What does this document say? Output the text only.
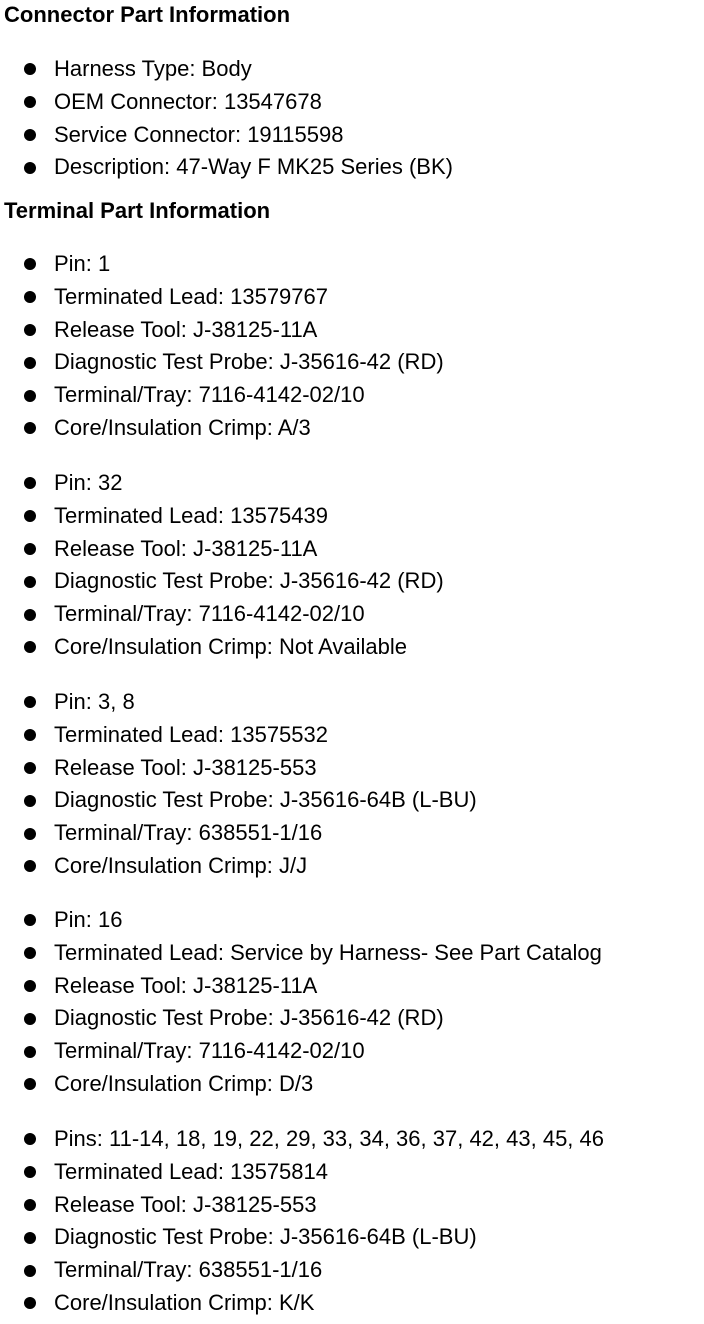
Connector Part Information
Harness Type: Body
OEM Connector: 13547678
Service Connector: 19115598
Description: 47-Way F MK25 Series (BK)
Terminal Part Information
Pin: 1
Terminated Lead: 13579767
Release Tool: J-38125-11A
Diagnostic Test Probe: J-35616-42 (RD)
Terminal/Tray: 7116-4142-02/10
Core/Insulation Crimp: A/3
Pin: 32
Terminated Lead: 13575439
Release Tool: J-38125-11A
Diagnostic Test Probe: J-35616-42 (RD)
Terminal/Tray: 7116-4142-02/10
Core/Insulation Crimp: Not Available
Pin: 3, 8
Terminated Lead: 13575532
Release Tool: J-38125-553
Diagnostic Test Probe: J-35616-64B (L-BU)
Terminal/Tray: 638551-1/16
Core/Insulation Crimp: J/J
Pin: 16
Terminated Lead: Service by Harness- See Part Catalog
Release Tool: J-38125-11A
Diagnostic Test Probe: J-35616-42 (RD)
Terminal/Tray: 7116-4142-02/10
Core/Insulation Crimp: D/3
Pins: 11-14, 18, 19, 22, 29, 33, 34, 36, 37, 42, 43, 45, 46
Terminated Lead: 13575814
Release Tool: J-38125-553
Diagnostic Test Probe: J-35616-64B (L-BU)
Terminal/Tray: 638551-1/16
Core/Insulation Crimp: K/K
